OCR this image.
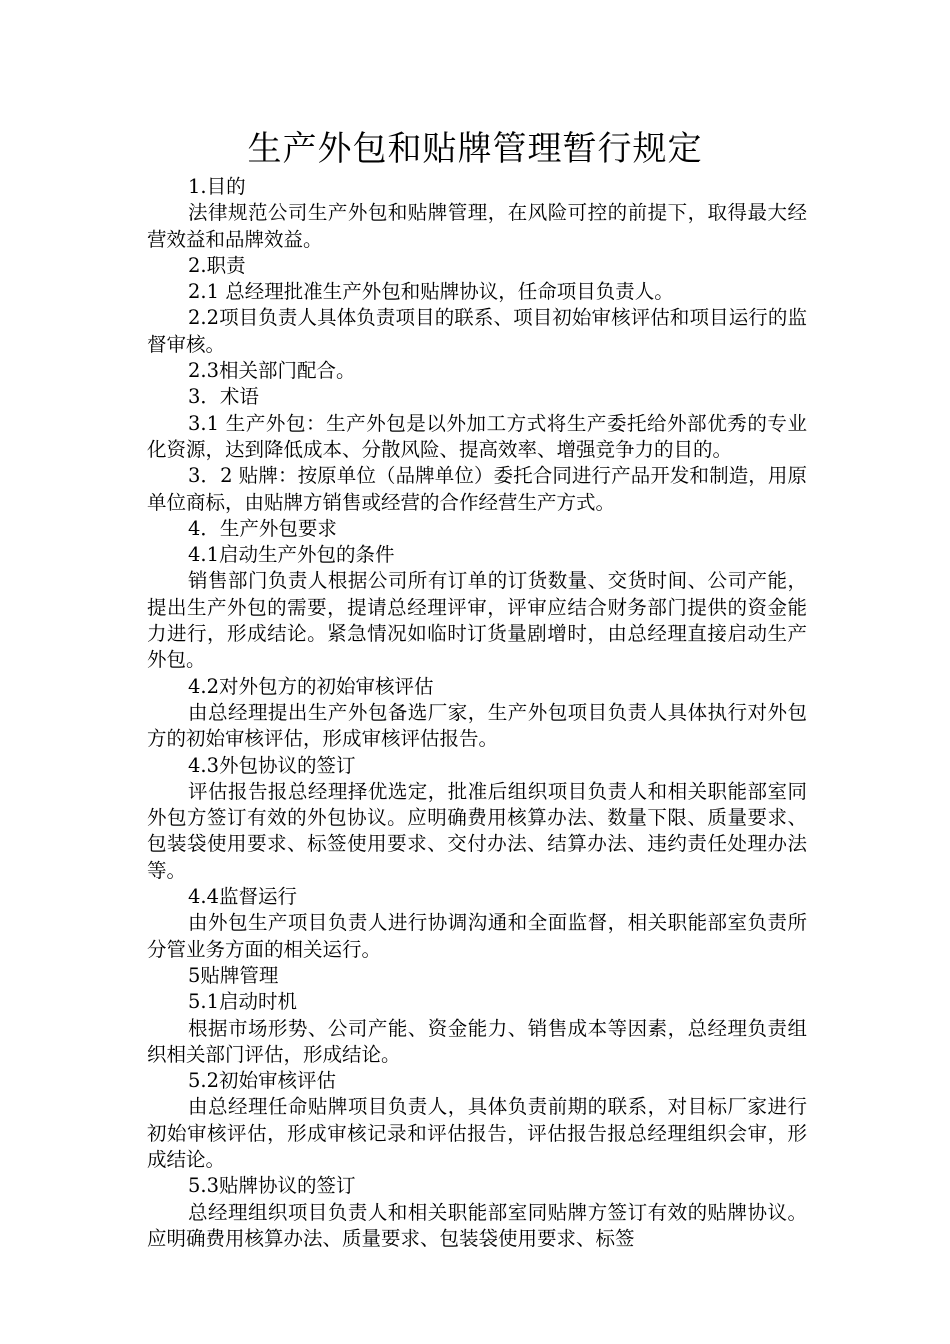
生产外包和贴牌管理暂行规定

1.目的

法律规范公司生产外包和贴牌管理，在风险可控的前提下，取得最大经营效益和品牌效益。

2.职责

2.1 总经理批准生产外包和贴牌协议，任命项目负责人。

2.2项目负责人具体负责项目的联系、项目初始审核评估和项目运行的监督审核。

2.3相关部门配合。

3．术语

3.1 生产外包：生产外包是以外加工方式将生产委托给外部优秀的专业化资源，达到降低成本、分散风险、提高效率、增强竞争力的目的。

3．2 贴牌：按原单位（品牌单位）委托合同进行产品开发和制造，用原单位商标，由贴牌方销售或经营的合作经营生产方式。

4．生产外包要求

4.1启动生产外包的条件

销售部门负责人根据公司所有订单的订货数量、交货时间、公司产能，提出生产外包的需要，提请总经理评审，评审应结合财务部门提供的资金能力进行，形成结论。紧急情况如临时订货量剧增时，由总经理直接启动生产外包。

4.2对外包方的初始审核评估

由总经理提出生产外包备选厂家，生产外包项目负责人具体执行对外包方的初始审核评估，形成审核评估报告。

4.3外包协议的签订

评估报告报总经理择优选定，批准后组织项目负责人和相关职能部室同外包方签订有效的外包协议。应明确费用核算办法、数量下限、质量要求、包装袋使用要求、标签使用要求、交付办法、结算办法、违约责任处理办法等。

4.4监督运行

由外包生产项目负责人进行协调沟通和全面监督，相关职能部室负责所分管业务方面的相关运行。

5贴牌管理

5.1启动时机

根据市场形势、公司产能、资金能力、销售成本等因素，总经理负责组织相关部门评估，形成结论。

5.2初始审核评估

由总经理任命贴牌项目负责人，具体负责前期的联系，对目标厂家进行初始审核评估，形成审核记录和评估报告，评估报告报总经理组织会审，形成结论。

5.3贴牌协议的签订

总经理组织项目负责人和相关职能部室同贴牌方签订有效的贴牌协议。应明确费用核算办法、质量要求、包装袋使用要求、标签
